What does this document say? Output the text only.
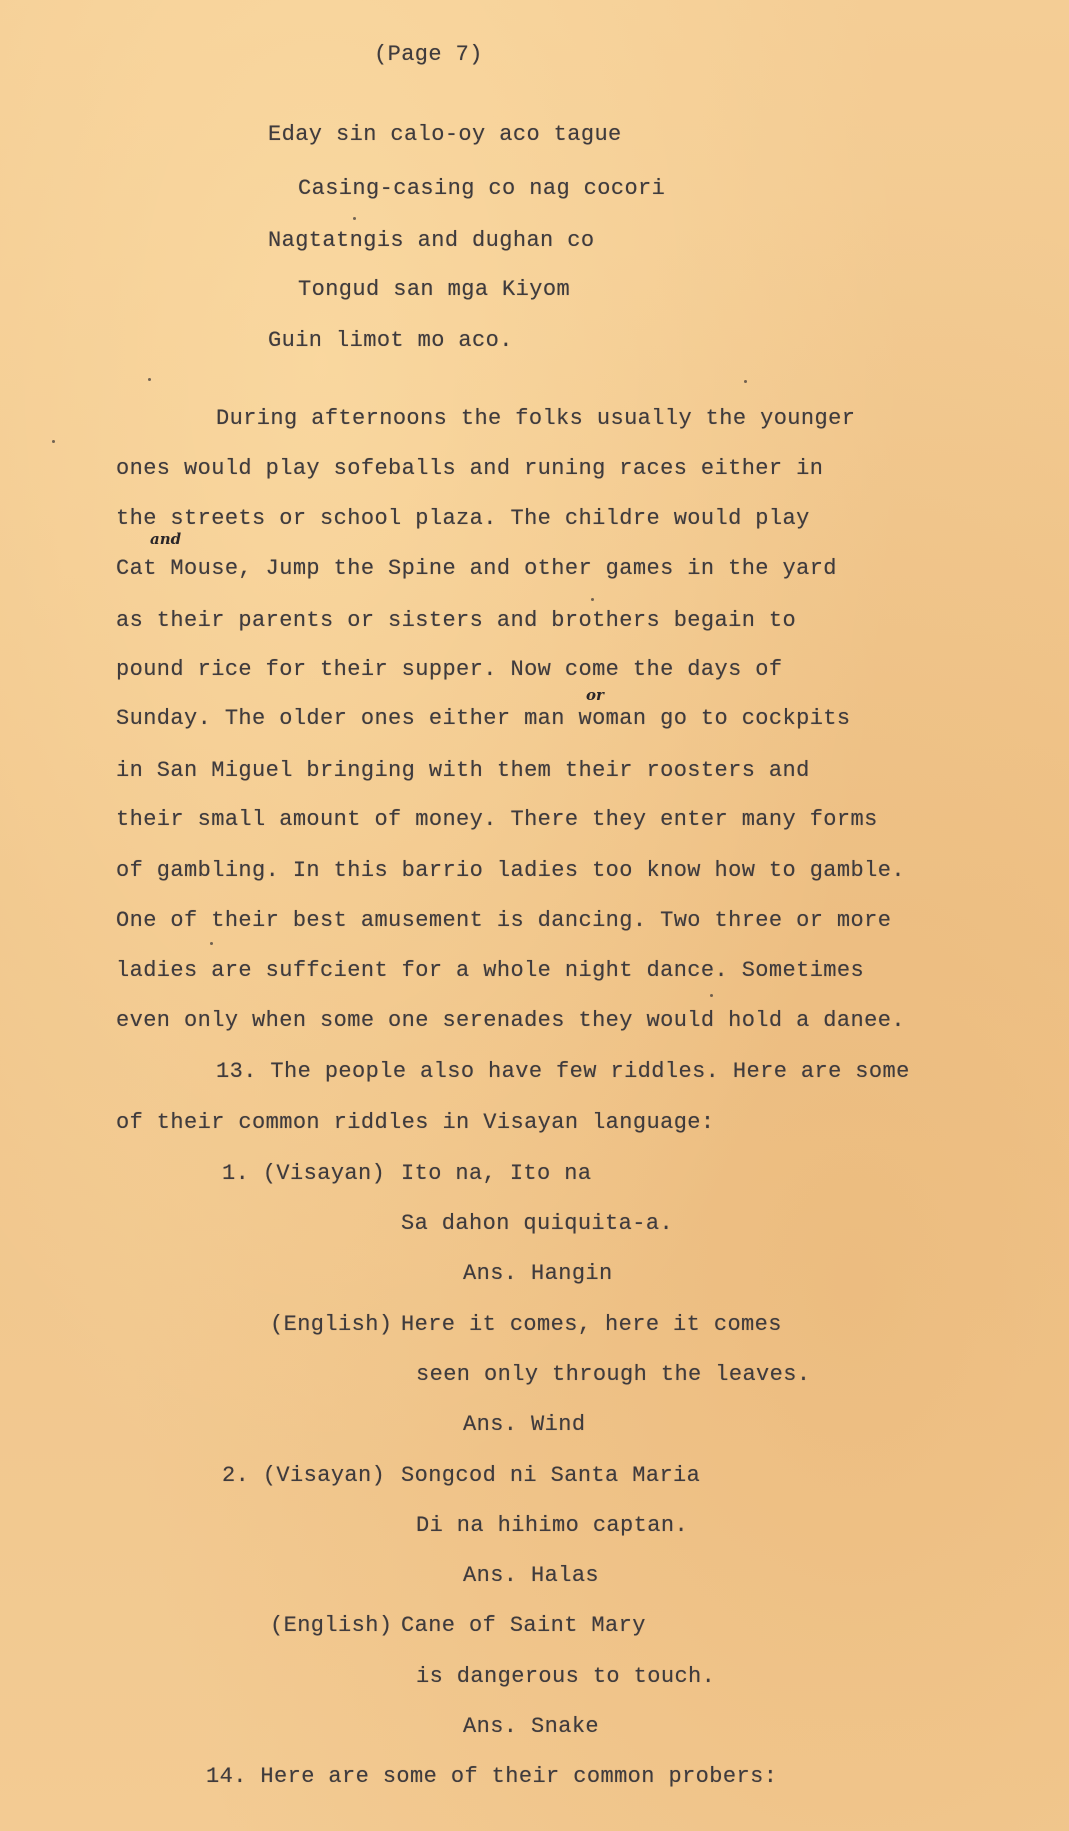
(Page 7)
Eday sin calo-oy aco tague
Casing-casing co nag cocori
Nagtatngis and dughan co
Tongud san mga Kiyom
Guin limot mo aco.
During afternoons the folks usually the younger
ones would play sofeballs and runing races either in
the streets or school plaza. The childre would play
and
Cat Mouse, Jump the Spine and other games in the yard
as their parents or sisters and brothers begain to
pound rice for their supper. Now come the days of
or
Sunday. The older ones either man woman go to cockpits
in San Miguel bringing with them their roosters and
their small amount of money. There they enter many forms
of gambling. In this barrio ladies too know how to gamble.
One of their best amusement is dancing. Two three or more
ladies are suffcient for a whole night dance. Sometimes
even only when some one serenades they would hold a danee.
13. The people also have few riddles. Here are some
of their common riddles in Visayan language:
1. (Visayan) Ito na, Ito na
Sa dahon quiquita-a.
Ans. Hangin
(English) Here it comes, here it comes
seen only through the leaves.
Ans. Wind
2. (Visayan) Songcod ni Santa Maria
Di na hihimo captan.
Ans. Halas
(English) Cane of Saint Mary
is dangerous to touch.
Ans. Snake
14. Here are some of their common probers:
